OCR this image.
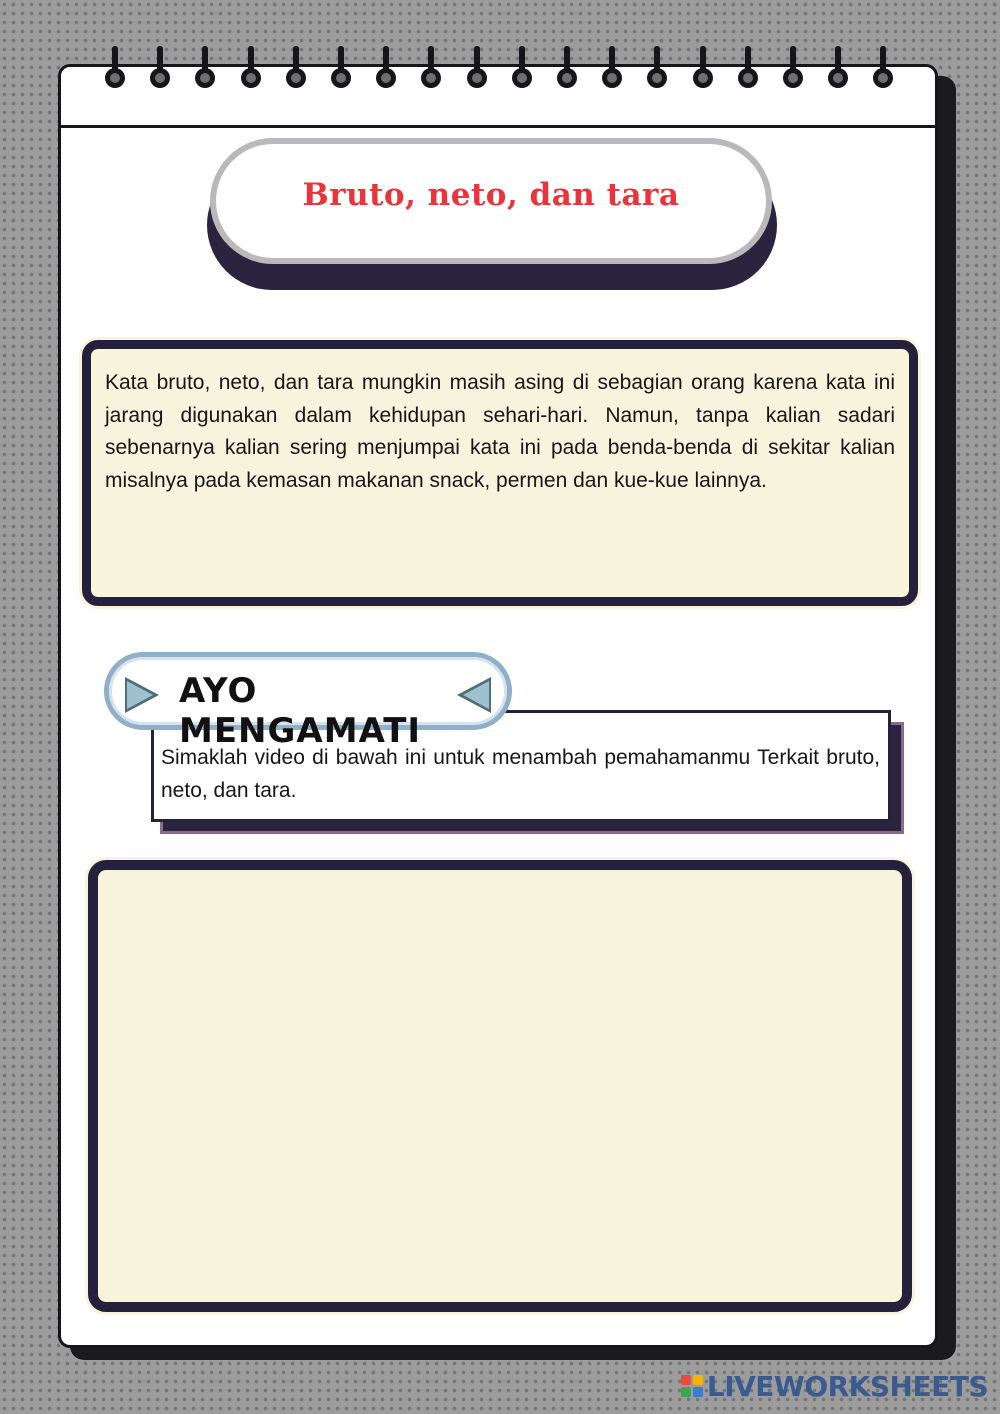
Bruto, neto, dan tara
Kata bruto, neto, dan tara mungkin masih asing di sebagian orang karena kata ini jarang digunakan dalam kehidupan sehari-hari. Namun, tanpa kalian sadari sebenarnya kalian sering menjumpai kata ini pada benda-benda di sekitar kalian misalnya pada kemasan makanan snack, permen dan kue-kue lainnya.
Simaklah video di bawah ini untuk menambah pemahamanmu Terkait bruto, neto, dan tara.
AYO MENGAMATI
LIVEWORKSHEETS
